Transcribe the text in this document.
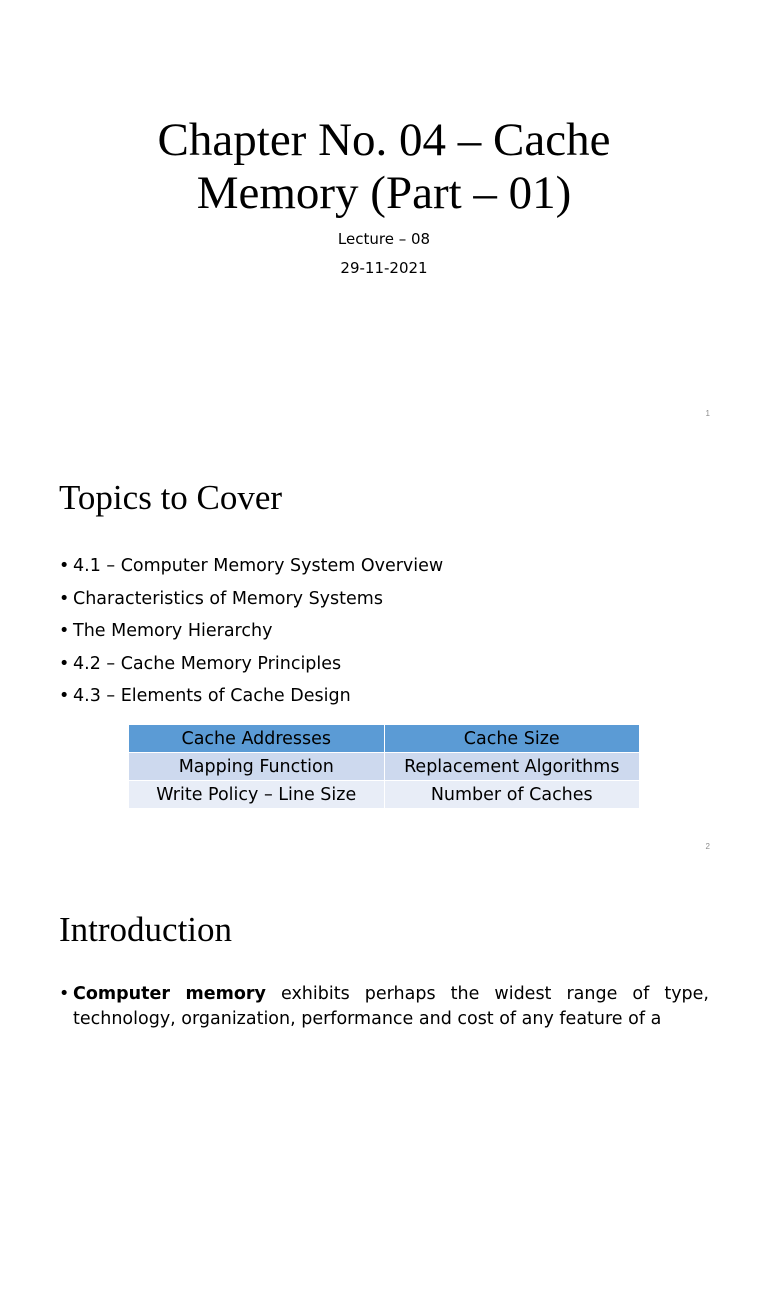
Chapter No. 04 – Cache
Memory (Part – 01)
Lecture – 08
29-11-2021
1
Topics to Cover
• 4.1 – Computer Memory System Overview
• Characteristics of Memory Systems
• The Memory Hierarchy
• 4.2 – Cache Memory Principles
• 4.3 – Elements of Cache Design
Cache Addresses	Cache Size
Mapping Function	Replacement Algorithms
Write Policy – Line Size	Number of Caches
2
Introduction
• Computer memory exhibits perhaps the widest range of type, technology, organization, performance and cost of any feature of a
